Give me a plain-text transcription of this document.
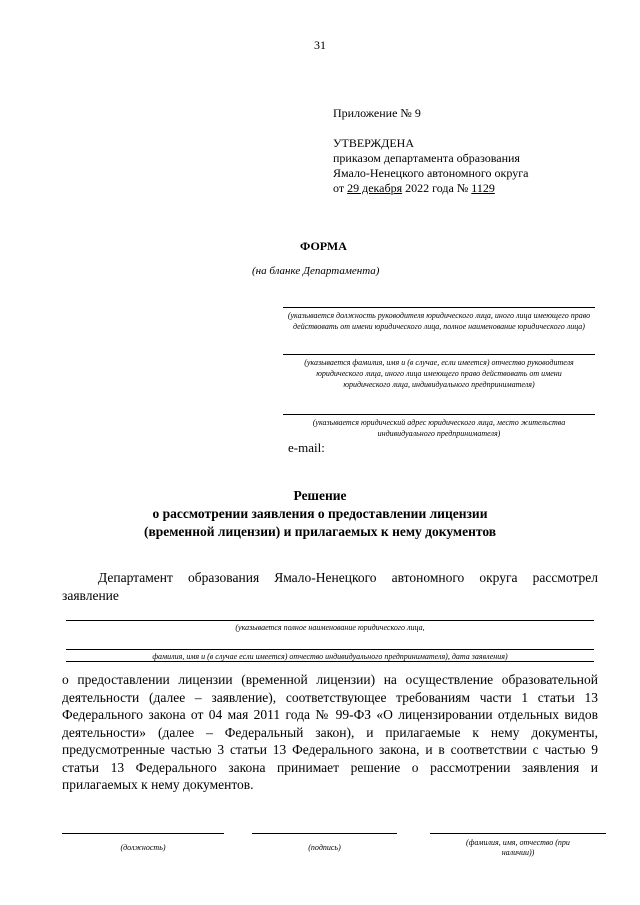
31
Приложение № 9
УТВЕРЖДЕНА
приказом департамента образования
Ямало-Ненецкого автономного округа
от 29 декабря 2022 года № 1129
ФОРМА
(на бланке Департамента)
(указывается должность руководителя юридического лица, иного лица имеющего право действовать от имени юридического лица, полное наименование юридического лица)
(указывается фамилия, имя и (в случае, если имеется) отчество руководителя юридического лица, иного лица имеющего право действовать от имени юридического лица, индивидуального предпринимателя)
(указывается юридический адрес юридического лица, место жительства индивидуального предпринимателя)
e-mail:
Решение
о рассмотрении заявления о предоставлении лицензии
(временной лицензии) и прилагаемых к нему документов
Департамент образования Ямало-Ненецкого автономного округа рассмотрел заявление
(указывается полное наименование юридического лица,
фамилия, имя и (в случае если имеется) отчество индивидуального предпринимателя), дата заявления)
о предоставлении лицензии (временной лицензии) на осуществление образовательной деятельности (далее – заявление), соответствующее требованиям части 1 статьи 13 Федерального закона от 04 мая 2011 года № 99-ФЗ «О лицензировании отдельных видов деятельности» (далее – Федеральный закон), и прилагаемые к нему документы, предусмотренные частью 3 статьи 13 Федерального закона, и в соответствии с частью 9 статьи 13 Федерального закона принимает решение о рассмотрении заявления и прилагаемых к нему документов.
(должность)	(подпись)
(фамилия, имя, отчество (при наличии))
